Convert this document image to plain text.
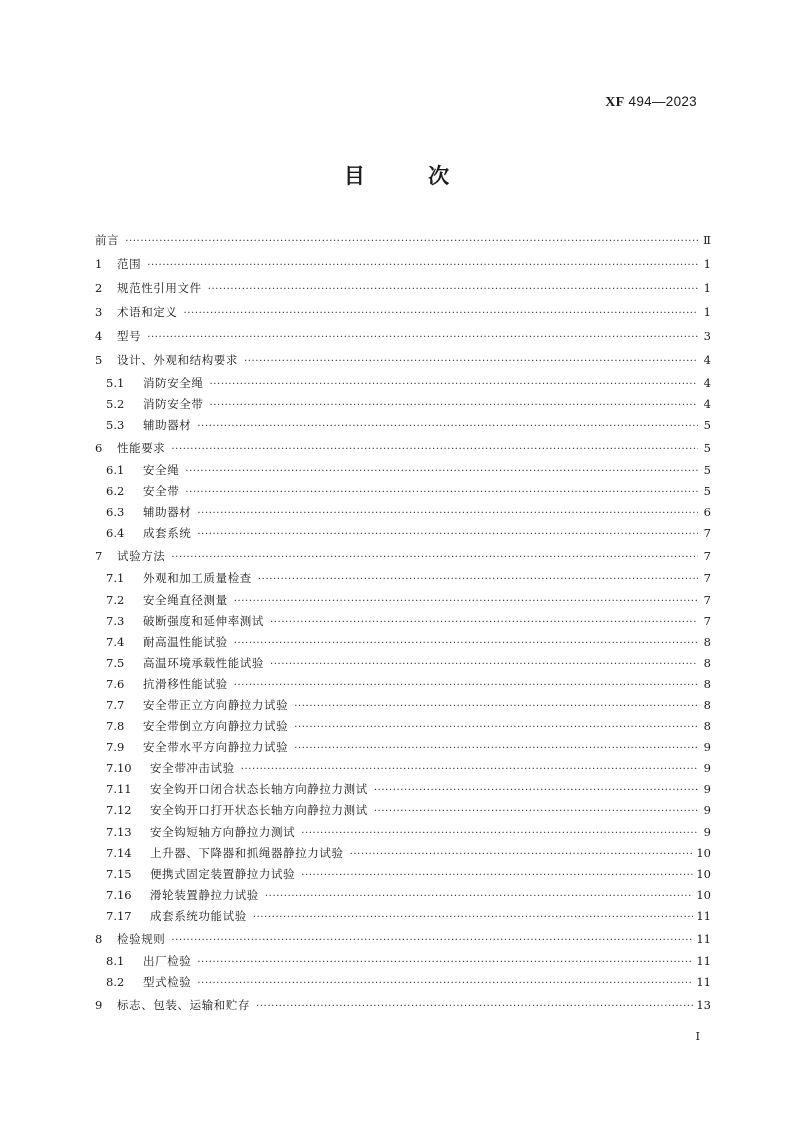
XF 494—2023
目 次
前言 ·····	Ⅱ
1	范围 ·····	1
2	规范性引用文件 ·····	1
3	术语和定义 ·····	1
4	型号 ·····	3
5	设计、外观和结构要求 ·····	4
5.1	消防安全绳 ·····	4
5.2	消防安全带 ·····	4
5.3	辅助器材 ·····	5
6	性能要求 ·····	5
6.1	安全绳 ·····	5
6.2	安全带 ·····	5
6.3	辅助器材 ·····	6
6.4	成套系统 ·····	7
7	试验方法 ·····	7
7.1	外观和加工质量检查 ·····	7
7.2	安全绳直径测量 ·····	7
7.3	破断强度和延伸率测试 ·····	7
7.4	耐高温性能试验 ·····	8
7.5	高温环境承载性能试验 ·····	8
7.6	抗滑移性能试验 ·····	8
7.7	安全带正立方向静拉力试验 ·····	8
7.8	安全带倒立方向静拉力试验 ·····	8
7.9	安全带水平方向静拉力试验 ·····	9
7.10	安全带冲击试验 ·····	9
7.11	安全钩开口闭合状态长轴方向静拉力测试 ·····	9
7.12	安全钩开口打开状态长轴方向静拉力测试 ·····	9
7.13	安全钩短轴方向静拉力测试 ·····	9
7.14	上升器、下降器和抓绳器静拉力试验 ·····	10
7.15	便携式固定装置静拉力试验 ·····	10
7.16	滑轮装置静拉力试验 ·····	10
7.17	成套系统功能试验 ·····	11
8	检验规则 ·····	11
8.1	出厂检验 ·····	11
8.2	型式检验 ·····	11
9	标志、包装、运输和贮存 ·····	13
Ⅰ
